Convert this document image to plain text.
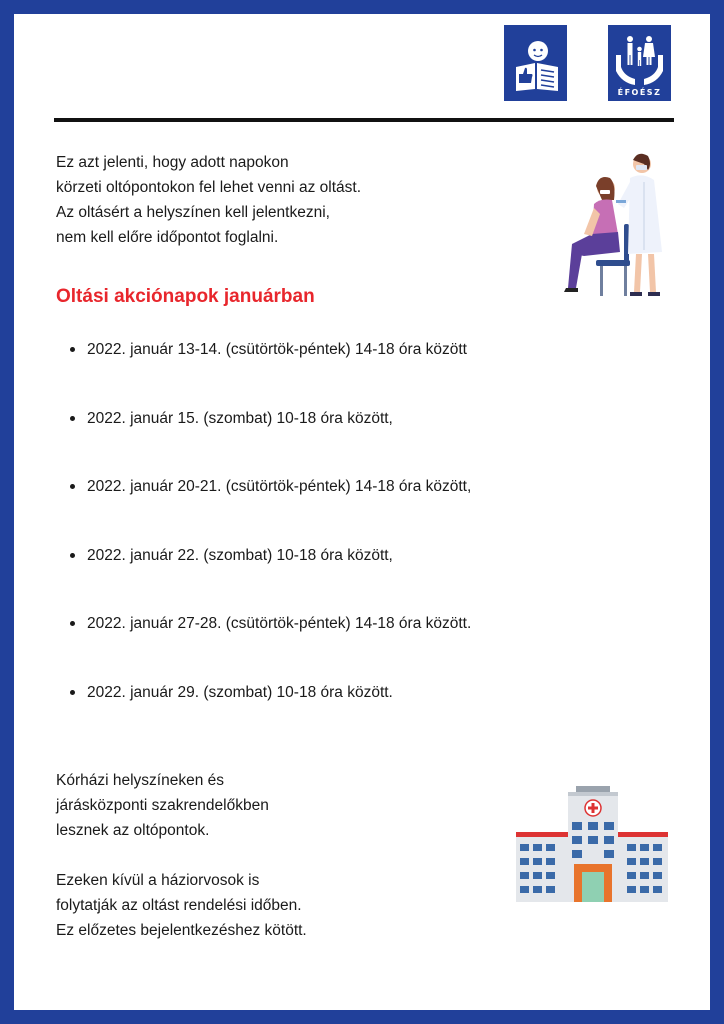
ÉFOÉSZ
Ez azt jelenti, hogy adott napokon
körzeti oltópontokon fel lehet venni az oltást.
Az oltásért a helyszínen kell jelentkezni,
nem kell előre időpontot foglalni.
Oltási akciónapok januárban
2022. január 13-14. (csütörtök-péntek) 14-18 óra között
2022. január 15. (szombat) 10-18 óra között,
2022. január 20-21. (csütörtök-péntek) 14-18 óra között,
2022. január 22. (szombat) 10-18 óra között,
2022. január 27-28. (csütörtök-péntek) 14-18 óra között.
2022. január 29. (szombat) 10-18 óra között.
Kórházi helyszíneken és
járásközponti szakrendelőkben
lesznek az oltópontok.
Ezeken kívül a háziorvosok is
folytatják az oltást rendelési időben.
Ez előzetes bejelentkezéshez kötött.
